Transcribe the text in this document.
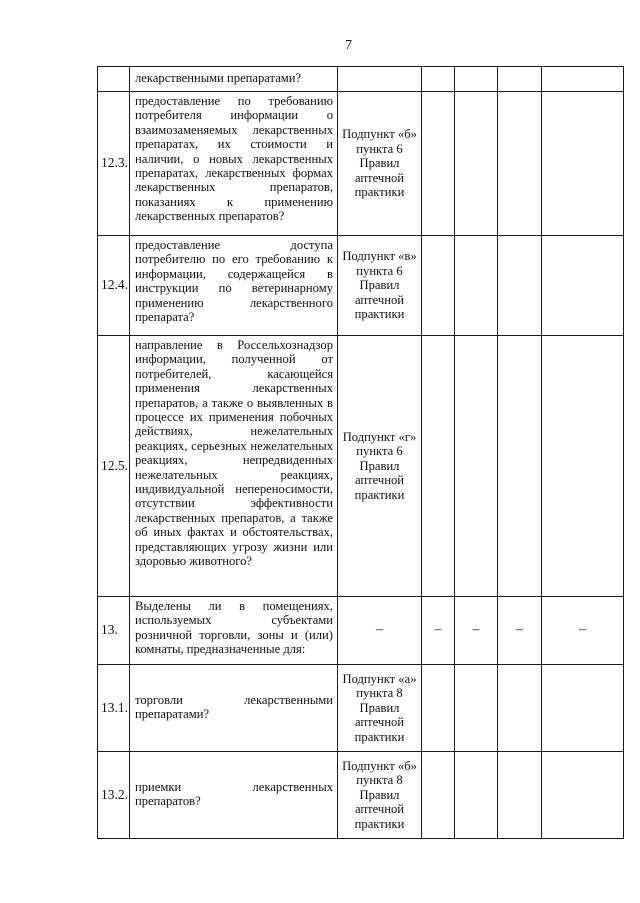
7
	лекарственными препаратами?					
12.3.	предоставление по требованию потребителя информации о взаимозаменяемых лекарственных препаратах, их стоимости и наличии, о новых лекарственных препаратах, лекарственных формах лекарственных препаратов, показаниях к применению лекарственных препаратов?	Подпункт «б» пункта 6 Правил аптечной практики				
12.4.	предоставление доступа потребителю по его требованию к информации, содержащейся в инструкции по ветеринарному применению лекарственного препарата?	Подпункт «в» пункта 6 Правил аптечной практики				
12.5.	направление в Россельхознадзор информации, полученной от потребителей, касающейся применения лекарственных препаратов, а также о выявленных в процессе их применения побочных действиях, нежелательных реакциях, серьезных нежелательных реакциях, непредвиденных нежелательных реакциях, индивидуальной непереносимости, отсутствии эффективности лекарственных препаратов, а также об иных фактах и обстоятельствах, представляющих угрозу жизни или здоровью животного?	Подпункт «г» пункта 6 Правил аптечной практики				
13.	Выделены ли в помещениях, используемых субъектами розничной торговли, зоны и (или) комнаты, предназначенные для:	–	–	–	–	–
13.1.	торговли лекарственными препаратами?	Подпункт «а» пункта 8 Правил аптечной практики				
13.2.	приемки лекарственных препаратов?	Подпункт «б» пункта 8 Правил аптечной практики				
